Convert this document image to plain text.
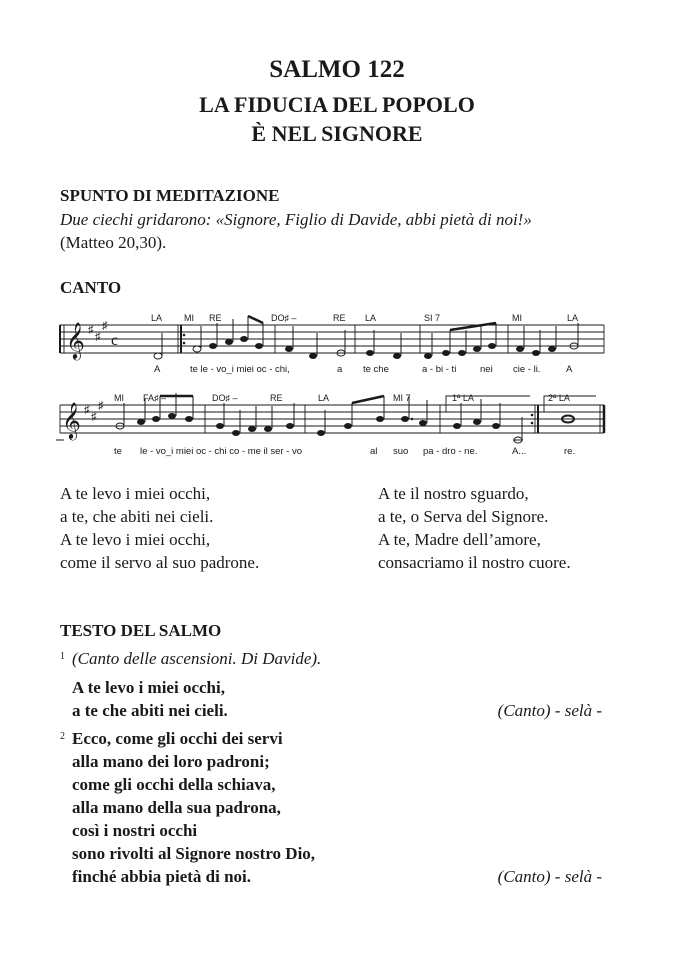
SALMO 122
LA FIDUCIA DEL POPOLO
È NEL SIGNORE
SPUNTO DI MEDITAZIONE
Due ciechi gridarono: «Signore, Figlio di Davide, abbi pietà di noi!»
(Matteo 20,30).
CANTO
𝄞 ♯
♯
♯
c
𝄞 ♯
♯
♯
LA MI RE	DO♯ –	RE LA	SI 7	MI	LA
A	te le - vo_i miei oc - chi,	a te che	a - bi - ti nei cie - li.	A
MI FA♯ –	DO♯ –	RE	LA	MI 7	1ª LA	2ª LA
te le - vo_i miei oc - chi co - me il ser - vo	al suo pa - dro - ne.	A...	re.
A te levo i miei occhi,
a te, che abiti nei cieli.
A te levo i miei occhi,
come il servo al suo padrone.
A te il nostro sguardo,
a te, o Serva del Signore.
A te, Madre dell’amore,
consacriamo il nostro cuore.
TESTO DEL SALMO
1 (Canto delle ascensioni. Di Davide).
A te levo i miei occhi,
a te che abiti nei cieli.	(Canto) - selà -
2 Ecco, come gli occhi dei servi
alla mano dei loro padroni;
come gli occhi della schiava,
alla mano della sua padrona,
così i nostri occhi
sono rivolti al Signore nostro Dio,
finché abbia pietà di noi.	(Canto) - selà -
